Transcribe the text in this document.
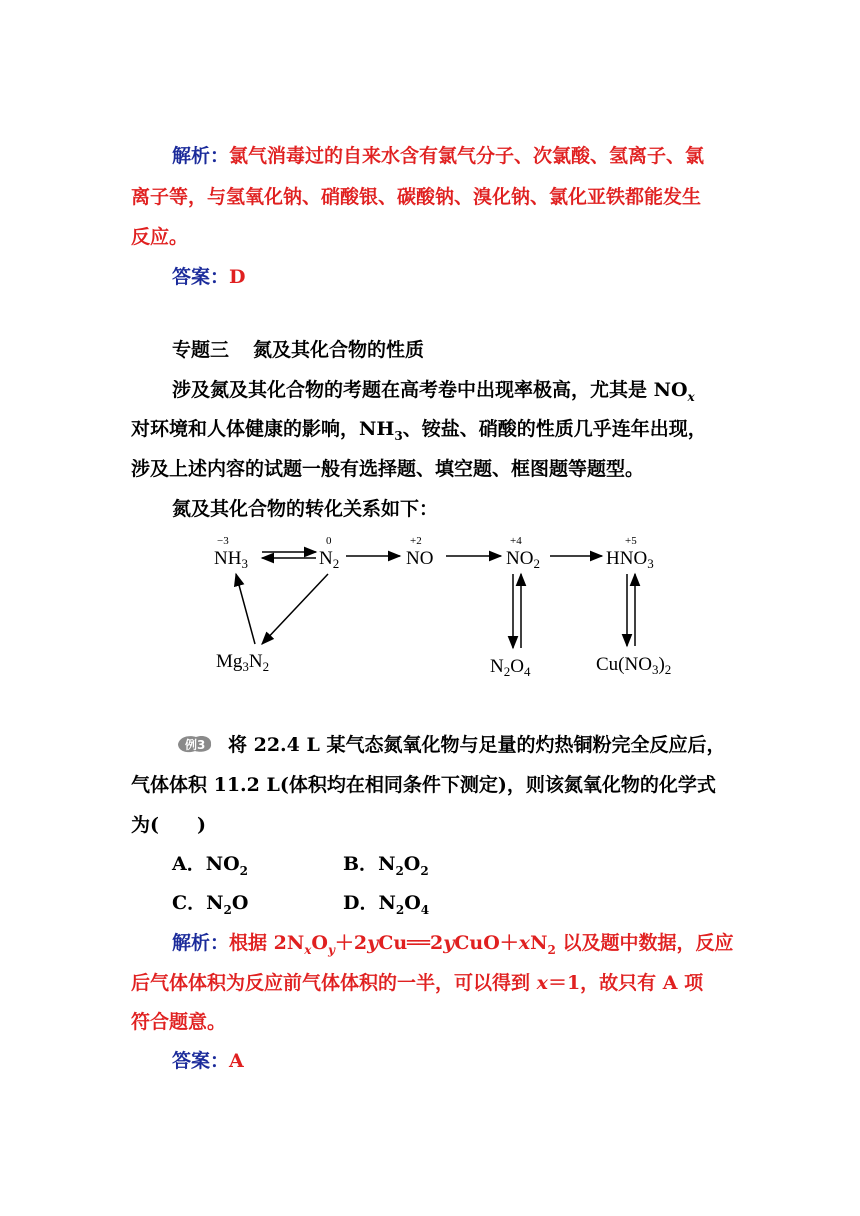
解析：氯气消毒过的自来水含有氯气分子、次氯酸、氢离子、氯
离子等，与氢氧化钠、硝酸银、碳酸钠、溴化钠、氯化亚铁都能发生
反应。
答案：D
专题三 氮及其化合物的性质
涉及氮及其化合物的考题在高考卷中出现率极高，尤其是 $NO_x$
对环境和人体健康的影响，$NH_3$、铵盐、硝酸的性质几乎连年出现，
涉及上述内容的试题一般有选择题、填空题、框图题等题型。
氮及其化合物的转化关系如下：
−3
$NH_3$
0
$N_2$
+2
NO
+4
$NO_2$
+5
$HNO_3$
$Mg_3N_2$	$N_2O_4$	$Cu(NO_3)_2$
例3 将 22.4 L 某气态氮氧化物与足量的灼热铜粉完全反应后，
气体体积 11.2 L(体积均在相同条件下测定)，则该氮氧化物的化学式
为(　　)
A．$NO_2$	B．$N_2O_2$
C．$N_2O$	D．$N_2O_4$
解析：根据 $2N_xO_y+2yCu══2yCuO+xN_2$ 以及题中数据，反应
后气体体积为反应前气体体积的一半，可以得到 x＝1，故只有 A 项
符合题意。
答案：A
